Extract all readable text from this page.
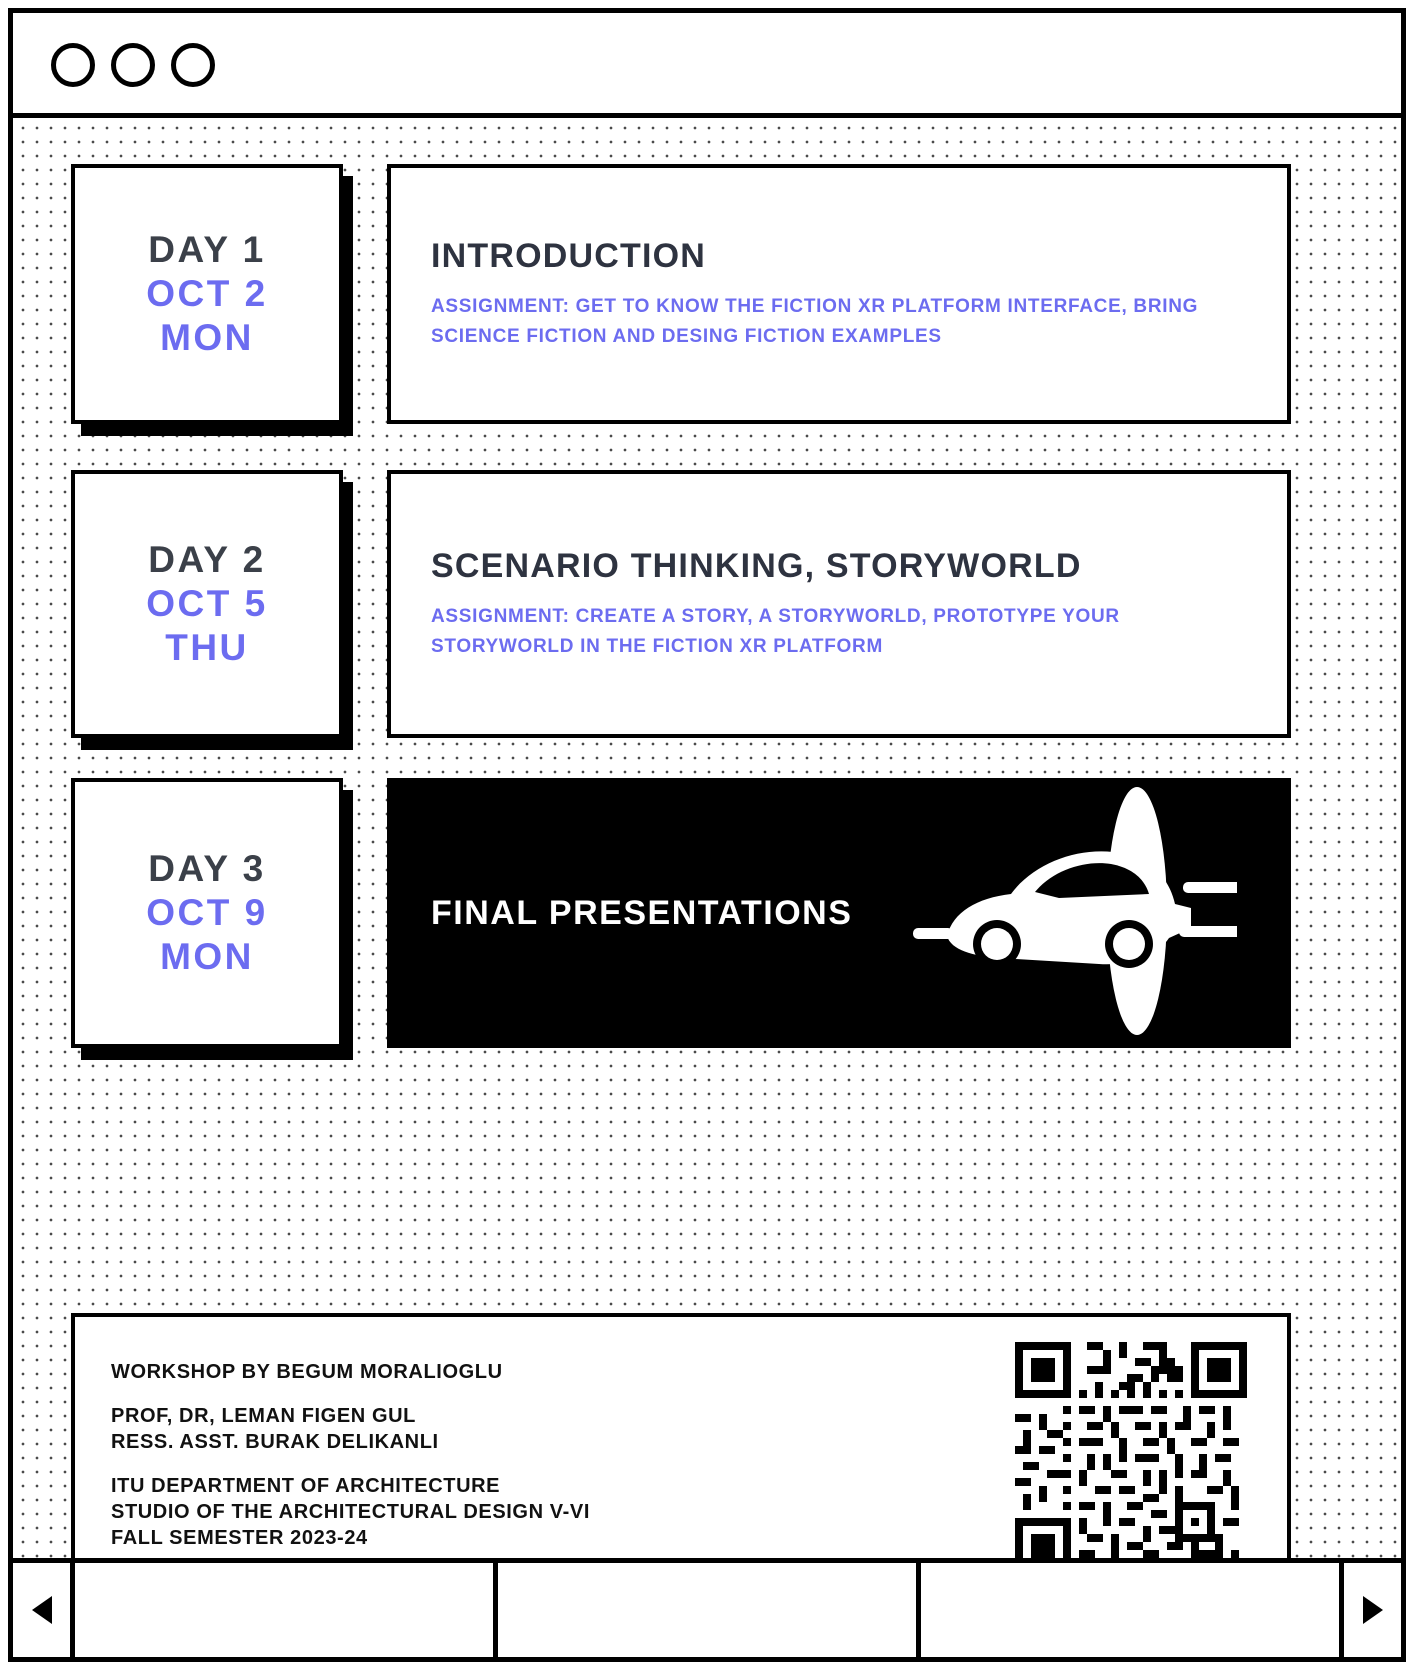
DAY 1
OCT 2
MON
INTRODUCTION

ASSIGNMENT: GET TO KNOW THE FICTION XR PLATFORM INTERFACE, BRING SCIENCE FICTION AND DESING FICTION EXAMPLES

DAY 2
OCT 5
THU
SCENARIO THINKING, STORYWORLD

ASSIGNMENT: CREATE A STORY, A STORYWORLD, PROTOTYPE YOUR STORYWORLD IN THE FICTION XR PLATFORM

DAY 3
OCT 9
MON
FINAL PRESENTATIONS

WORKSHOP BY BEGUM MORALIOGLU

PROF, DR, LEMAN FIGEN GUL

RESS. ASST. BURAK DELIKANLI

ITU DEPARTMENT OF ARCHITECTURE

STUDIO OF THE ARCHITECTURAL DESIGN V-VI

FALL SEMESTER 2023-24
